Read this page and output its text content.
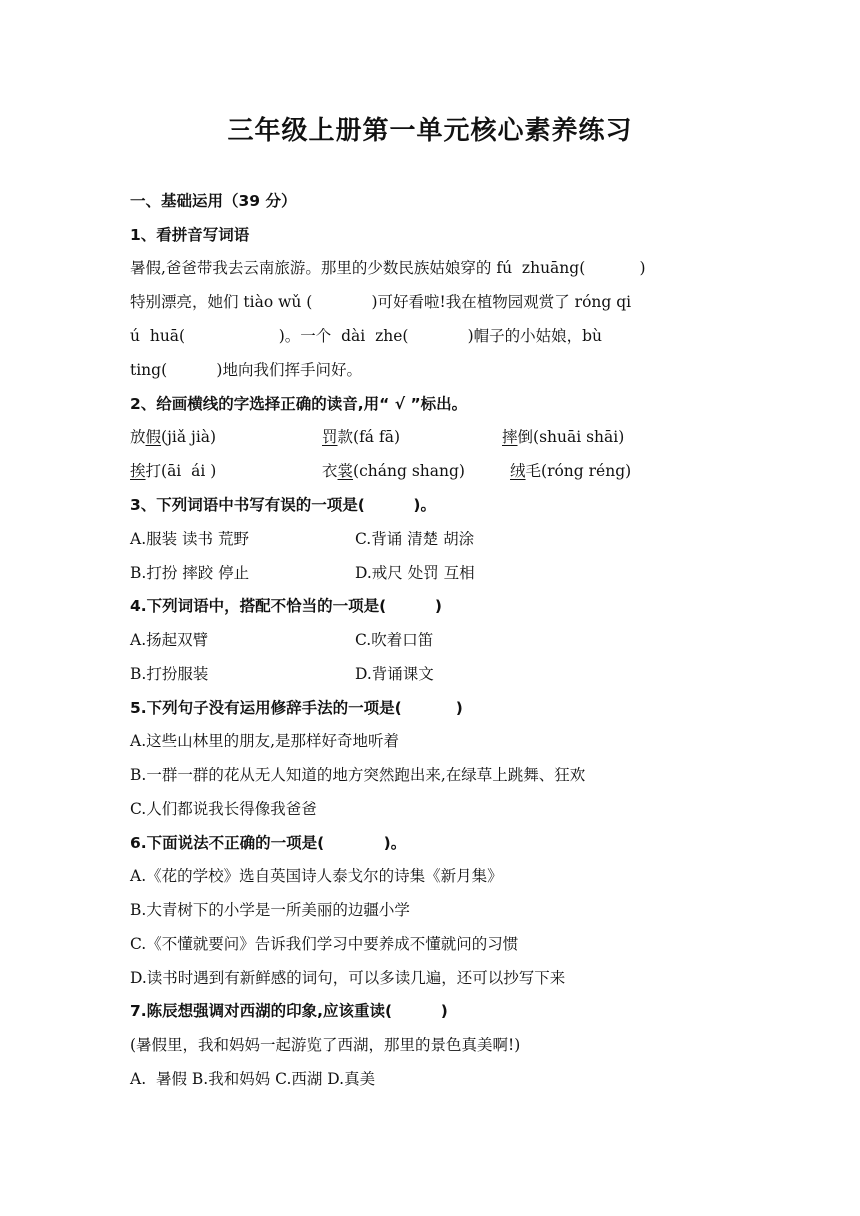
三年级上册第一单元核心素养练习
一、基础运用（39 分）
1、看拼音写词语
暑假,爸爸带我去云南旅游。那里的少数民族姑娘穿的 fú  zhuāng(           )
特别漂亮，她们 tiào wǔ (            )可好看啦!我在植物园观赏了 róng qi
ú  huā(                   )。一个  dài  zhe(            )帽子的小姑娘，bù
ting(          )地向我们挥手问好。
2、给画横线的字选择正确的读音,用“ √ ”标出。
放假(jiǎ jià)	罚款(fá fā)	摔倒(shuāi shāi)
挨打(āi  ái )	衣裳(cháng shang)	绒毛(róng réng)
3、下列词语中书写有误的一项是(         )。
A.服装 读书 荒野	C.背诵 清楚 胡涂
B.打扮 摔跤 停止	D.戒尺 处罚 互相
4.下列词语中，搭配不恰当的一项是(         )
A.扬起双臂	C.吹着口笛
B.打扮服装	D.背诵课文
5.下列句子没有运用修辞手法的一项是(          )
A.这些山林里的朋友,是那样好奇地听着
B.一群一群的花从无人知道的地方突然跑出来,在绿草上跳舞、狂欢
C.人们都说我长得像我爸爸
6.下面说法不正确的一项是(           )。
A.《花的学校》选自英国诗人泰戈尔的诗集《新月集》
B.大青树下的小学是一所美丽的边疆小学
C.《不懂就要问》告诉我们学习中要养成不懂就问的习惯
D.读书时遇到有新鲜感的词句，可以多读几遍，还可以抄写下来
7.陈辰想强调对西湖的印象,应该重读(         )
(暑假里，我和妈妈一起游览了西湖，那里的景色真美啊!)
A.  暑假 B.我和妈妈 C.西湖 D.真美
